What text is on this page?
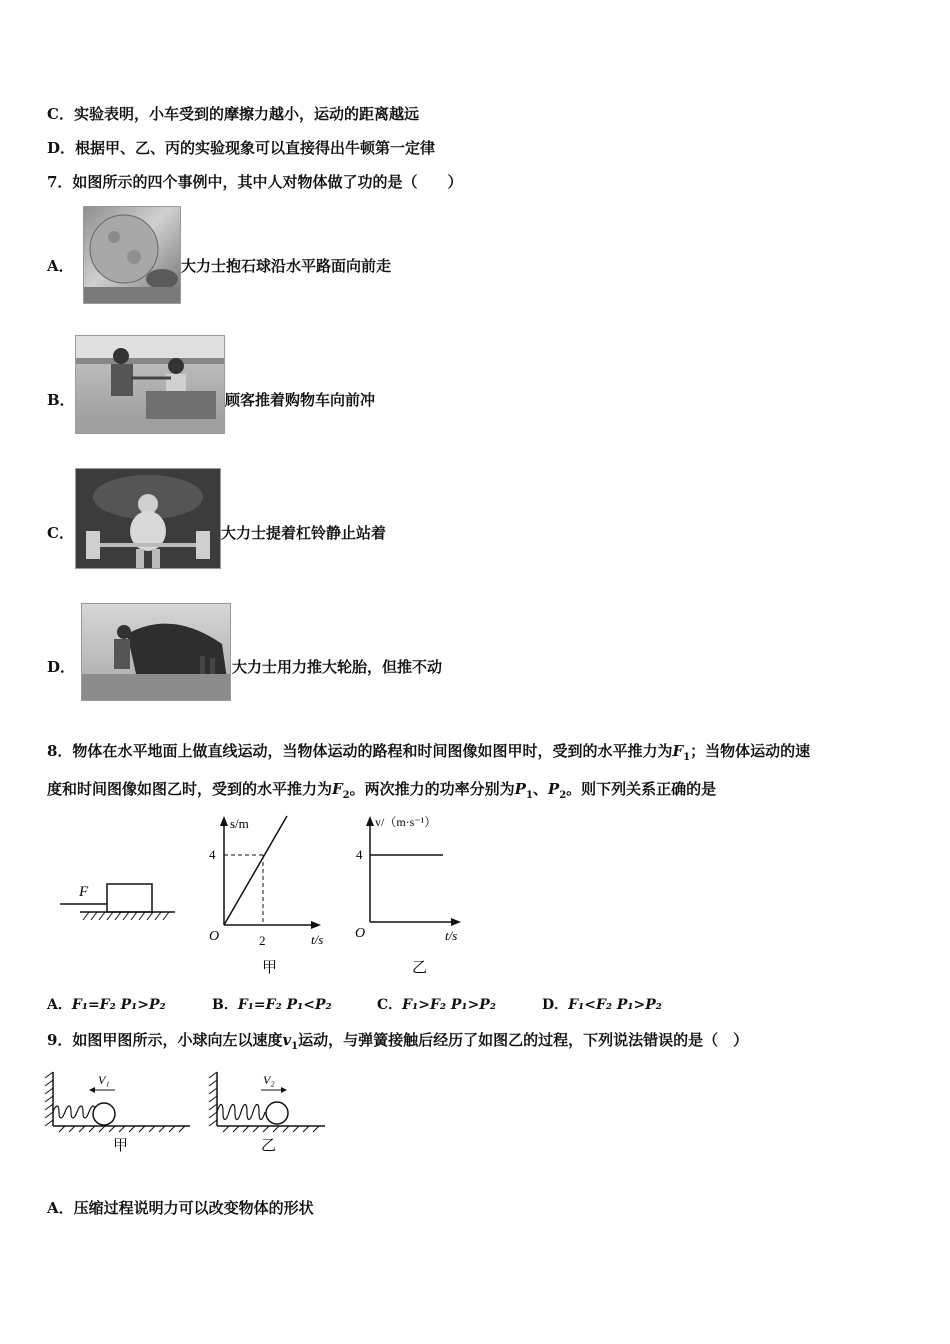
C．实验表明，小车受到的摩擦力越小，运动的距离越远
D．根据甲、乙、丙的实验现象可以直接得出牛顿第一定律
7．如图所示的四个事例中，其中人对物体做了功的是（　　）
A．	大力士抱石球沿水平路面向前走
B．	顾客推着购物车向前冲
C．	大力士提着杠铃静止站着
D．	大力士用力推大轮胎，但推不动
8．物体在水平地面上做直线运动，当物体运动的路程和时间图像如图甲时，受到的水平推力为$F_1$；当物体运动的速
度和时间图像如图乙时，受到的水平推力为$F_2$。两次推力的功率分别为$P_1$、$P_2$。则下列关系正确的是
F
s/m
t/s
O
4
2
甲
v/（m·s⁻¹）
t/s
O
4
乙
A．F₁=F₂ P₁>P₂	B．F₁=F₂ P₁<P₂	C．F₁>F₂ P₁>P₂	D．F₁<F₂ P₁>P₂
9．如图甲图所示，小球向左以速度$v_1$运动，与弹簧接触后经历了如图乙的过程，下列说法错误的是（　）
V₁
甲
V₂
乙
A．压缩过程说明力可以改变物体的形状
